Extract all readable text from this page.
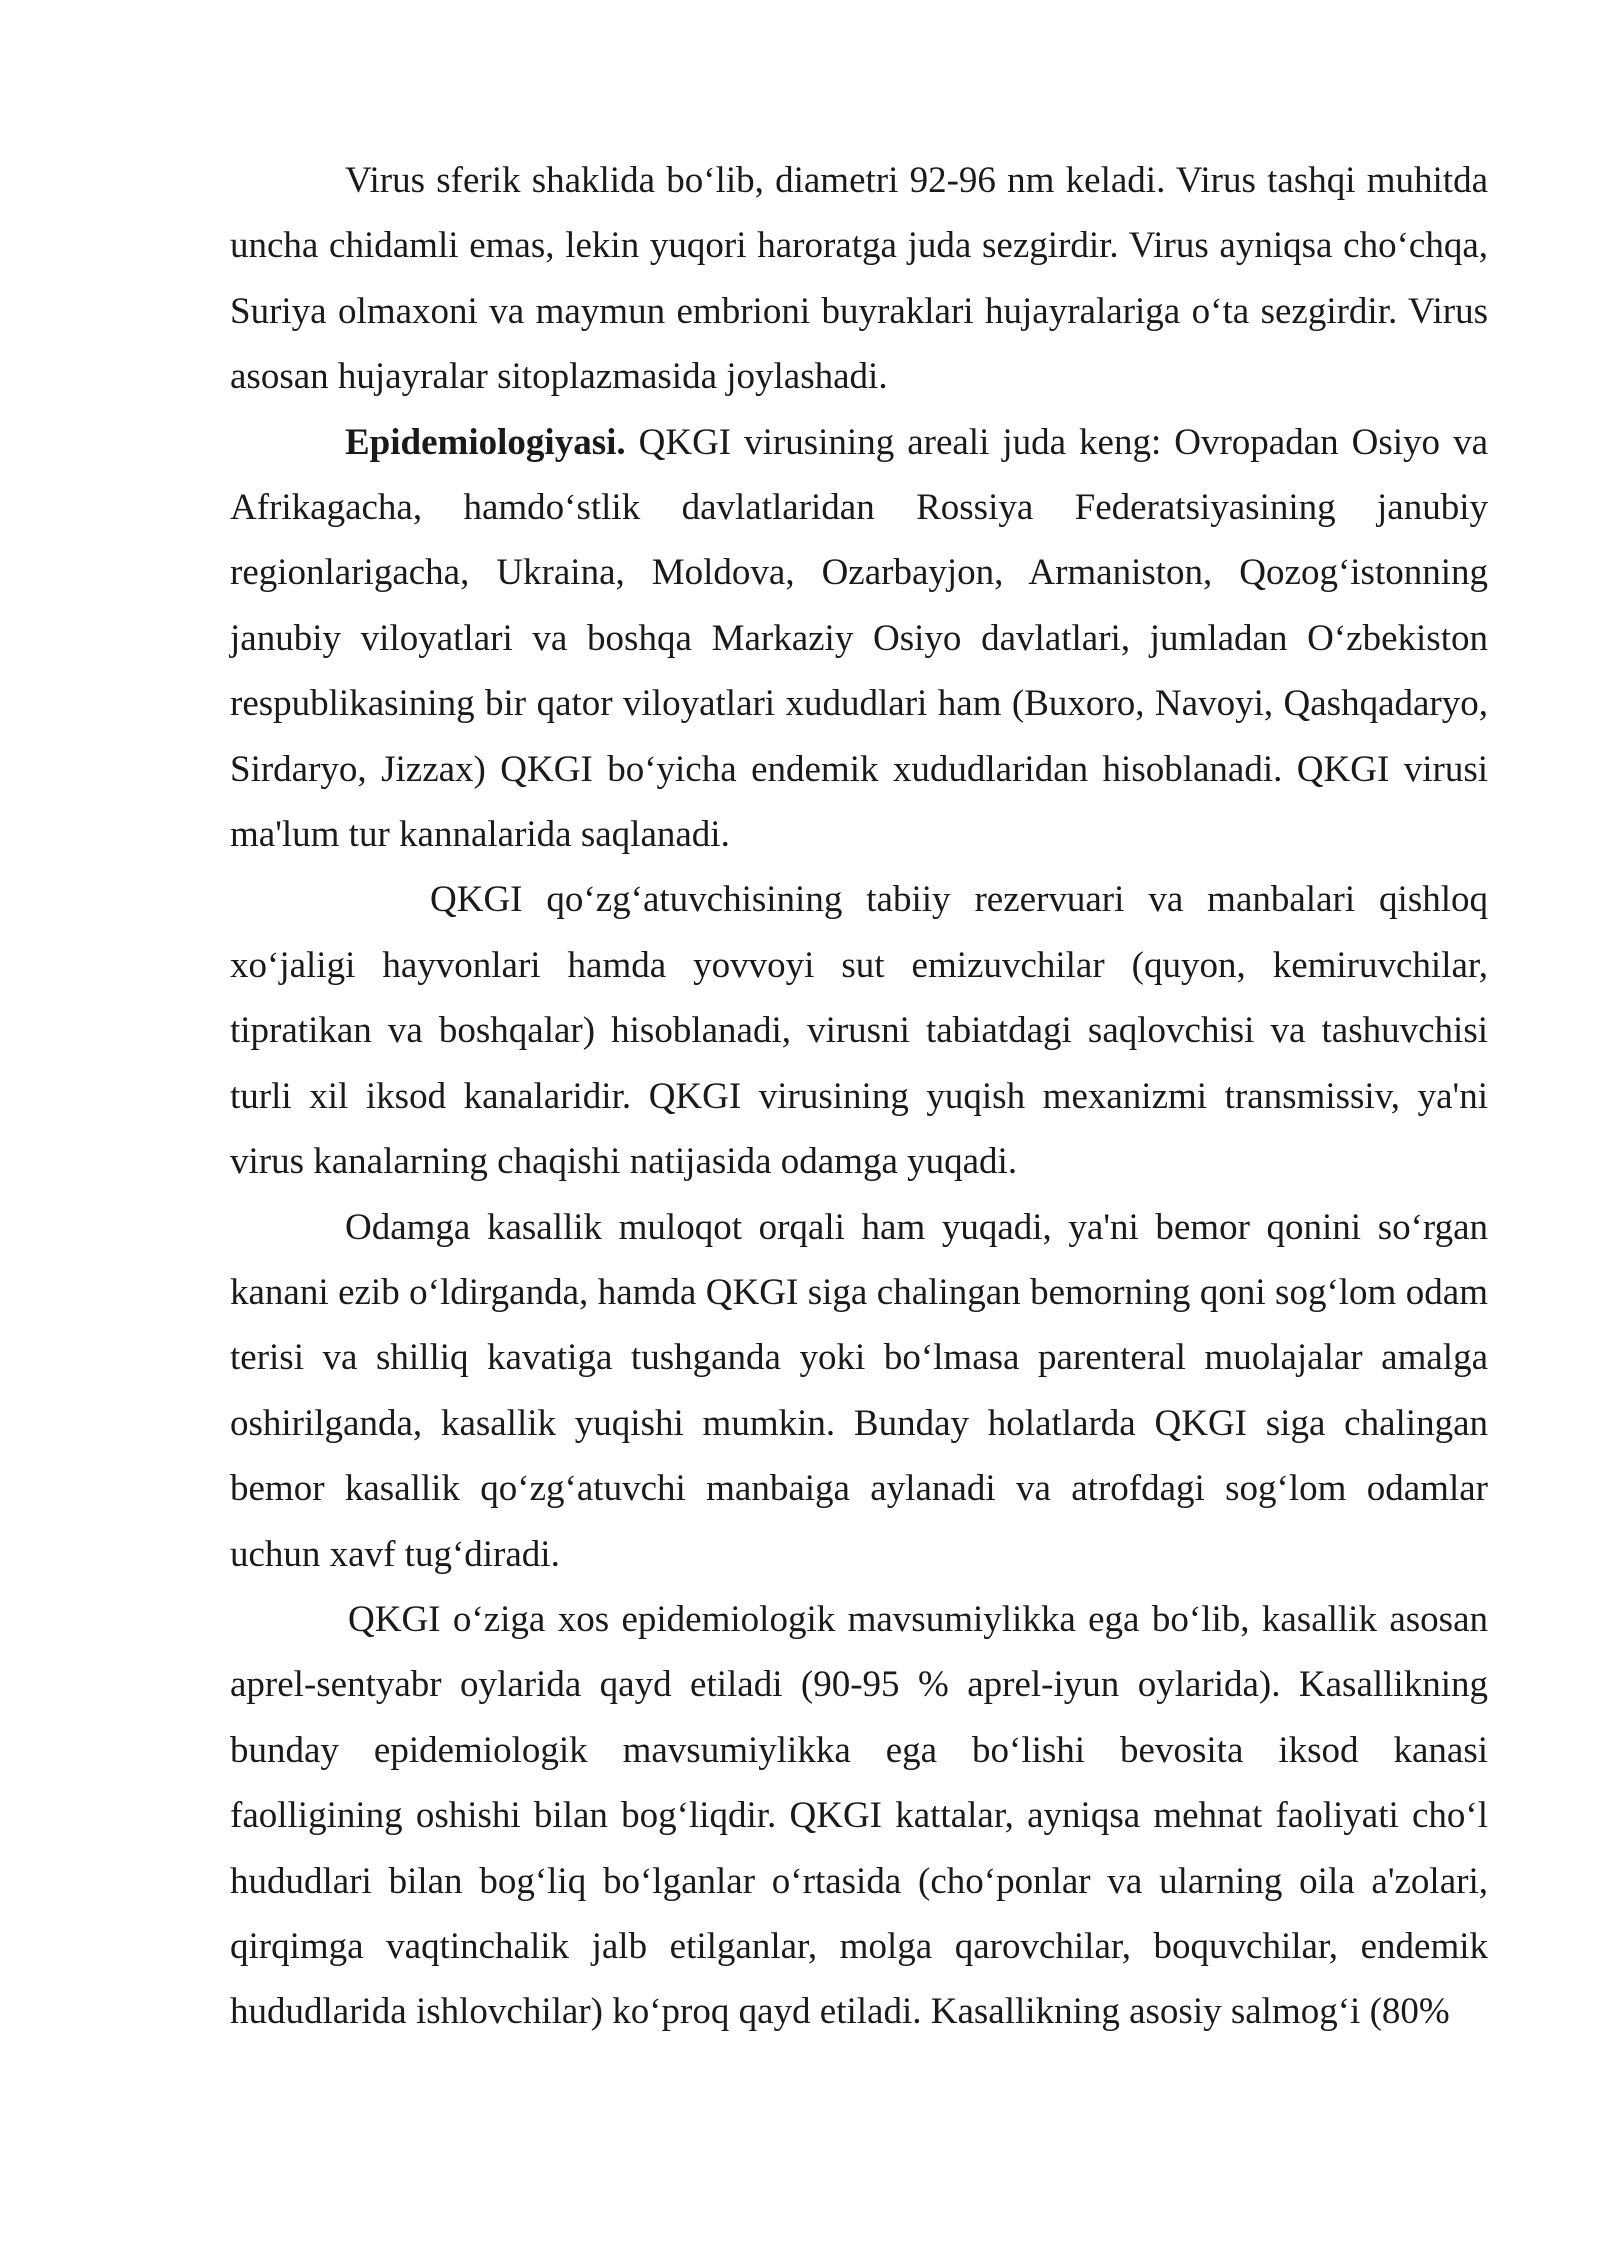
Virus sferik shaklida bo‘lib, diametri 92-96 nm keladi. Virus tashqi muhitda uncha chidamli emas, lekin yuqori haroratga juda sezgirdir. Virus ayniqsa cho‘chqa, Suriya olmaxoni va maymun embrioni buyraklari hujayralariga o‘ta sezgirdir. Virus asosan hujayralar sitoplazmasida joylashadi.

Epidemiologiyasi. QKGI virusining areali juda keng: Ovropadan Osiyo va Afrikagacha, hamdo‘stlik davlatlaridan Rossiya Federatsiyasining janubiy regionlarigacha, Ukraina, Moldova, Ozarbayjon, Armaniston, Qozog‘istonning janubiy viloyatlari va boshqa Markaziy Osiyo davlatlari, jumladan O‘zbekiston respublikasining bir qator viloyatlari xududlari ham (Buxoro, Navoyi, Qashqadaryo, Sirdaryo, Jizzax) QKGI bo‘yicha endemik xududlaridan hisoblanadi. QKGI virusi ma'lum tur kannalarida saqlanadi.

QKGI qo‘zg‘atuvchisining tabiiy rezervuari va manbalari qishloq xo‘jaligi hayvonlari hamda yovvoyi sut emizuvchilar (quyon, kemiruvchilar, tipratikan va boshqalar) hisoblanadi, virusni tabiatdagi saqlovchisi va tashuvchisi turli xil iksod kanalaridir. QKGI virusining yuqish mexanizmi transmissiv, ya'ni virus kanalarning chaqishi natijasida odamga yuqadi.

Odamga kasallik muloqot orqali ham yuqadi, ya'ni bemor qonini so‘rgan kanani ezib o‘ldirganda, hamda QKGI siga chalingan bemorning qoni sog‘lom odam terisi va shilliq kavatiga tushganda yoki bo‘lmasa parenteral muolajalar amalga oshirilganda, kasallik yuqishi mumkin. Bunday holatlarda QKGI siga chalingan bemor kasallik qo‘zg‘atuvchi manbaiga aylanadi va atrofdagi sog‘lom odamlar uchun xavf tug‘diradi.

QKGI o‘ziga xos epidemiologik mavsumiylikka ega bo‘lib, kasallik asosan aprel-sentyabr oylarida qayd etiladi (90-95 % aprel-iyun oylarida). Kasallikning bunday epidemiologik mavsumiylikka ega bo‘lishi bevosita iksod kanasi faolligining oshishi bilan bog‘liqdir. QKGI kattalar, ayniqsa mehnat faoliyati cho‘l hududlari bilan bog‘liq bo‘lganlar o‘rtasida (cho‘ponlar va ularning oila a'zolari, qirqimga vaqtinchalik jalb etilganlar, molga qarovchilar, boquvchilar, endemik hududlarida ishlovchilar) ko‘proq qayd etiladi. Kasallikning asosiy salmog‘i (80%
